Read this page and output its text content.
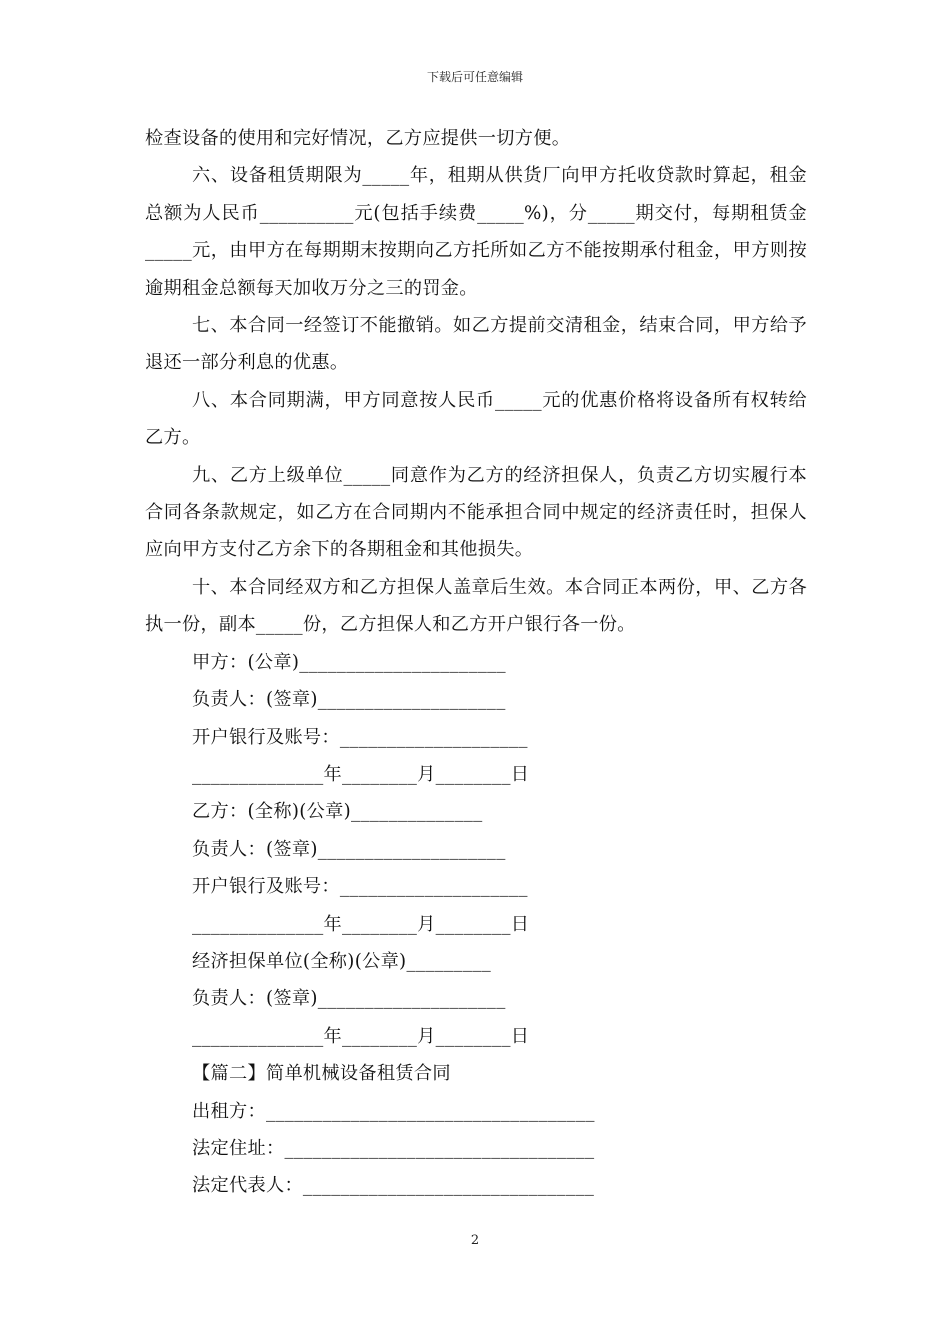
下载后可任意编辑

检查设备的使用和完好情况，乙方应提供一切方便。

六、设备租赁期限为_____年，租期从供货厂向甲方托收贷款时算起，租金总额为人民币__________元(包括手续费_____%)，分_____期交付，每期租赁金_____元，由甲方在每期期末按期向乙方托所如乙方不能按期承付租金，甲方则按逾期租金总额每天加收万分之三的罚金。

七、本合同一经签订不能撤销。如乙方提前交清租金，结束合同，甲方给予退还一部分利息的优惠。

八、本合同期满，甲方同意按人民币_____元的优惠价格将设备所有权转给乙方。

九、乙方上级单位_____同意作为乙方的经济担保人，负责乙方切实履行本合同各条款规定，如乙方在合同期内不能承担合同中规定的经济责任时，担保人应向甲方支付乙方余下的各期租金和其他损失。

十、本合同经双方和乙方担保人盖章后生效。本合同正本两份，甲、乙方各执一份，副本_____份，乙方担保人和乙方开户银行各一份。

甲方：(公章)______________________

负责人：(签章)____________________

开户银行及账号：____________________

______________年________月________日

乙方：(全称)(公章)______________

负责人：(签章)____________________

开户银行及账号：____________________

______________年________月________日

经济担保单位(全称)(公章)_________

负责人：(签章)____________________

______________年________月________日

【篇二】简单机械设备租赁合同

出租方：___________________________________

法定住址：_________________________________

法定代表人：_______________________________

2
